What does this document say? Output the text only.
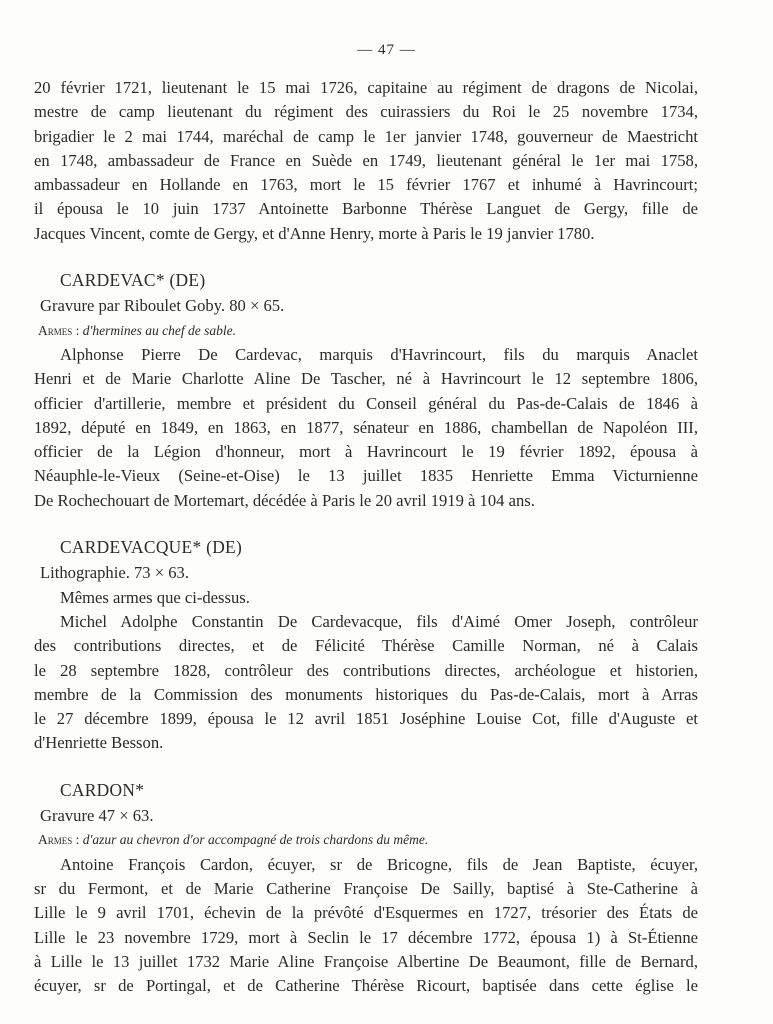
— 47 —
20 février 1721, lieutenant le 15 mai 1726, capitaine au régiment de dragons de Nicolai,
mestre de camp lieutenant du régiment des cuirassiers du Roi le 25 novembre 1734,
brigadier le 2 mai 1744, maréchal de camp le 1er janvier 1748, gouverneur de Maestricht
en 1748, ambassadeur de France en Suède en 1749, lieutenant général le 1er mai 1758,
ambassadeur en Hollande en 1763, mort le 15 février 1767 et inhumé à Havrincourt;
il épousa le 10 juin 1737 Antoinette Barbonne Thérèse Languet de Gergy, fille de
Jacques Vincent, comte de Gergy, et d'Anne Henry, morte à Paris le 19 janvier 1780.
CARDEVAC* (DE)
Gravure par Riboulet Goby. 80 × 65.
Armes : d'hermines au chef de sable.
Alphonse Pierre De Cardevac, marquis d'Havrincourt, fils du marquis Anaclet
Henri et de Marie Charlotte Aline De Tascher, né à Havrincourt le 12 septembre 1806,
officier d'artillerie, membre et président du Conseil général du Pas-de-Calais de 1846 à
1892, député en 1849, en 1863, en 1877, sénateur en 1886, chambellan de Napoléon III,
officier de la Légion d'honneur, mort à Havrincourt le 19 février 1892, épousa à
Néauphle-le-Vieux (Seine-et-Oise) le 13 juillet 1835 Henriette Emma Victurnienne
De Rochechouart de Mortemart, décédée à Paris le 20 avril 1919 à 104 ans.
CARDEVACQUE* (DE)
Lithographie. 73 × 63.
Mêmes armes que ci-dessus.
Michel Adolphe Constantin De Cardevacque, fils d'Aimé Omer Joseph, contrôleur
des contributions directes, et de Félicité Thérèse Camille Norman, né à Calais
le 28 septembre 1828, contrôleur des contributions directes, archéologue et historien,
membre de la Commission des monuments historiques du Pas-de-Calais, mort à Arras
le 27 décembre 1899, épousa le 12 avril 1851 Joséphine Louise Cot, fille d'Auguste et
d'Henriette Besson.
CARDON*
Gravure 47 × 63.
Armes : d'azur au chevron d'or accompagné de trois chardons du même.
Antoine François Cardon, écuyer, sr de Bricogne, fils de Jean Baptiste, écuyer,
sr du Fermont, et de Marie Catherine Françoise De Sailly, baptisé à Ste-Catherine à
Lille le 9 avril 1701, échevin de la prévôté d'Esquermes en 1727, trésorier des États de
Lille le 23 novembre 1729, mort à Seclin le 17 décembre 1772, épousa 1) à St-Étienne
à Lille le 13 juillet 1732 Marie Aline Françoise Albertine De Beaumont, fille de Bernard,
écuyer, sr de Portingal, et de Catherine Thérèse Ricourt, baptisée dans cette église le
